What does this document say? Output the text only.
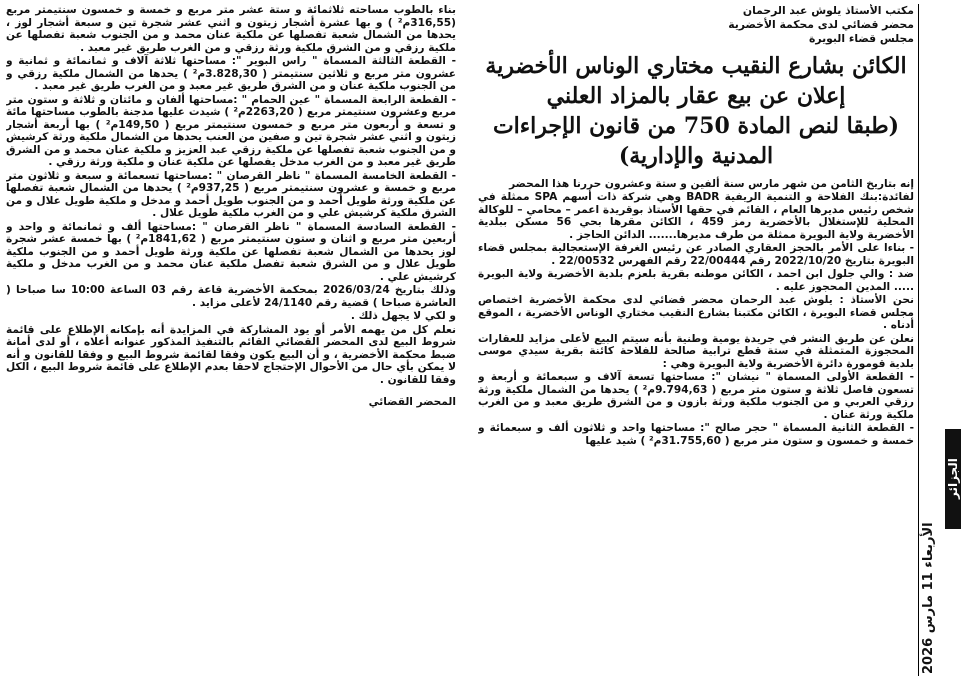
مكتب الأستاذ يلوش عبد الرحمان
محضر قضائي لدى محكمة الأخضرية
مجلس قضاء البويرة
الكائن بشارع النقيب مختاري الوناس الأخضرية
إعلان عن بيع عقار بالمزاد العلني
(طبقا لنص المادة 750 من قانون الإجراءات
المدنية والإدارية)

إنه بتاريخ الثامن من شهر مارس سنة ألفين و ستة وعشرون حررنا هذا المحضر

لفائدة:بنك الفلاحة و التنمية الريفية BADR وهي شركة ذات أسهم SPA ممثلة في شخص رئيس مديرها العام ، القائم في حقها الأستاذ بوقريدة اعمر – محامي – للوكالة المحلية للإستغلال بالأخضرية رمز 459 ، الكائن مقرها بحي 56 مسكن ببلدية الأخضرية ولاية البويرة ممثلة من طرف مديرها....... الدائن الحاجز .

- بناءا على الأمر بالحجز العقاري الصادر عن رئيس الغرفة الإستعجالية بمجلس قضاء البويرة بتاريخ 2022/10/20 رقم 22/00444 رقم الفهرس 22/00532 .

ضد : والي جلول ابن احمد ، الكائن موطنه بقرية بلعزم بلدية الأخضرية ولاية البويرة ..... المدين المحجوز عليه .

نحن الأستاذ : يلوش عبد الرحمان محضر قضائي لدى محكمة الأخضرية اختصاص مجلس قضاء البويرة ، الكائن مكتبنا بشارع النقيب مختاري الوناس الأخضرية ، الموقع أدناه .

نعلن عن طريق النشر في جريدة يومية وطنية بأنه سيتم البيع لأعلى مزايد للعقارات المحجوزة المتمثلة في ستة قطع ترابية صالحة للفلاحة كائنة بقرية سيدي موسى بلدية قومورة دائرة الأخضرية ولاية البويرة وهي :

- القطعة الأولى المسماة " نيشان ": مساحتها تسعة آلاف و سبعمائة و أربعة و تسعون فاصل ثلاثة و ستون متر مربع ( 9.794,63م² ) يحدها من الشمال ملكية ورثة رزقي العربي و من الجنوب ملكية ورثة بازون و من الشرق طريق معبد و من الغرب ملكية ورثة عنان .

- القطعة الثانية المسماة " حجر صالح ": مساحتها واحد و ثلاثون ألف و سبعمائة و خمسة و خمسون و ستون متر مربع ( 31.755,60م² ) شيد عليها

بناء بالطوب مساحته ثلاثمائة و ستة عشر متر مربع و خمسة و خمسون سنتيمتر مربع (316,55م² ) و بها عشرة أشجار زيتون و اثني عشر شجرة تين و سبعة أشجار لوز ، يحدها من الشمال شعبة تفصلها عن ملكية عنان محمد و من الجنوب شعبة تفصلها عن ملكية رزقي و من الشرق ملكية ورثة رزقي و من الغرب طريق غير معبد .

- القطعة الثالثة المسماة " راس البوير ": مساحتها ثلاثة آلاف و ثمانمائة و ثمانية و عشرون متر مربع و ثلاثين سنتيمتر ( 3.828,30م² ) يحدها من الشمال ملكية رزقي و من الجنوب ملكية عنان و من الشرق طريق غير معبد و من الغرب طريق غير معبد .

- القطعة الرابعة المسماة " عين الحمام " :مساحتها ألفان و مائتان و ثلاثة و ستون متر مربع وعشرون سنتيمتر مربع ( 2263,20م² ) شيدت عليها مدجنة بالطوب مساحتها مائة و تسعة و أربعون متر مربع و خمسون سنتيمتر مربع ( 149,50م² ) بها أربعة أشجار زيتون و اثني عشر شجرة تين و صفين من العنب يحدها من الشمال ملكية ورثة كرشيش و من الجنوب شعبة تفصلها عن ملكية رزقي عبد العزيز و ملكية عنان محمد و من الشرق طريق غير معبد و من الغرب مدخل يفصلها عن ملكية عنان و ملكية ورثة رزقي .

- القطعة الخامسة المسماة " ناظر القرصان " :مساحتها تسعمائة و سبعة و ثلاثون متر مربع و خمسة و عشرون سنتيمتر مربع ( 937,25م² ) يحدها من الشمال شعبة تفصلها عن ملكية ورثة طويل أحمد و من الجنوب طويل أحمد و مدخل و ملكية طويل علال و من الشرق ملكية كرشيش علي و من الغرب ملكية طويل علال .

- القطعة السادسة المسماة " ناظر القرصان " :مساحتها ألف و ثمانمائة و واحد و أربعين متر مربع و اثنان و ستون سنتيمتر مربع ( 1841,62م² ) بها خمسة عشر شجرة لوز يحدها من الشمال شعبة تفصلها عن ملكية ورثة طويل أحمد و من الجنوب ملكية طويل علال و من الشرق شعبة تفصل ملكية عنان محمد و من الغرب مدخل و ملكية كرشيش علي .

وذلك بتاريخ 2026/03/24 بمحكمة الأخضرية قاعة رقم 03 الساعة 10:00 سا صباحا ( العاشرة صباحا ) قضية رقم 24/1140 لأعلى مزايد .

و لكي لا يجهل ذلك .

نعلم كل من يهمه الأمر أو يود المشاركة في المزايدة أنه بإمكانه الإطلاع على قائمة شروط البيع لدى المحضر القضائي القائم بالتنفيذ المذكور عنوانه أعلاه ، أو لدى أمانة ضبط محكمة الأخضرية ، و أن البيع يكون وفقا لقائمة شروط البيع و وفقا للقانون و أنه لا يمكن بأي حال من الأحوال الإحتجاج لاحقا بعدم الإطلاع على قائمة شروط البيع ، الكل وفقا للقانون .

المحضر القضائي
الأربعاء 11 مارس 2026
الجزائر
